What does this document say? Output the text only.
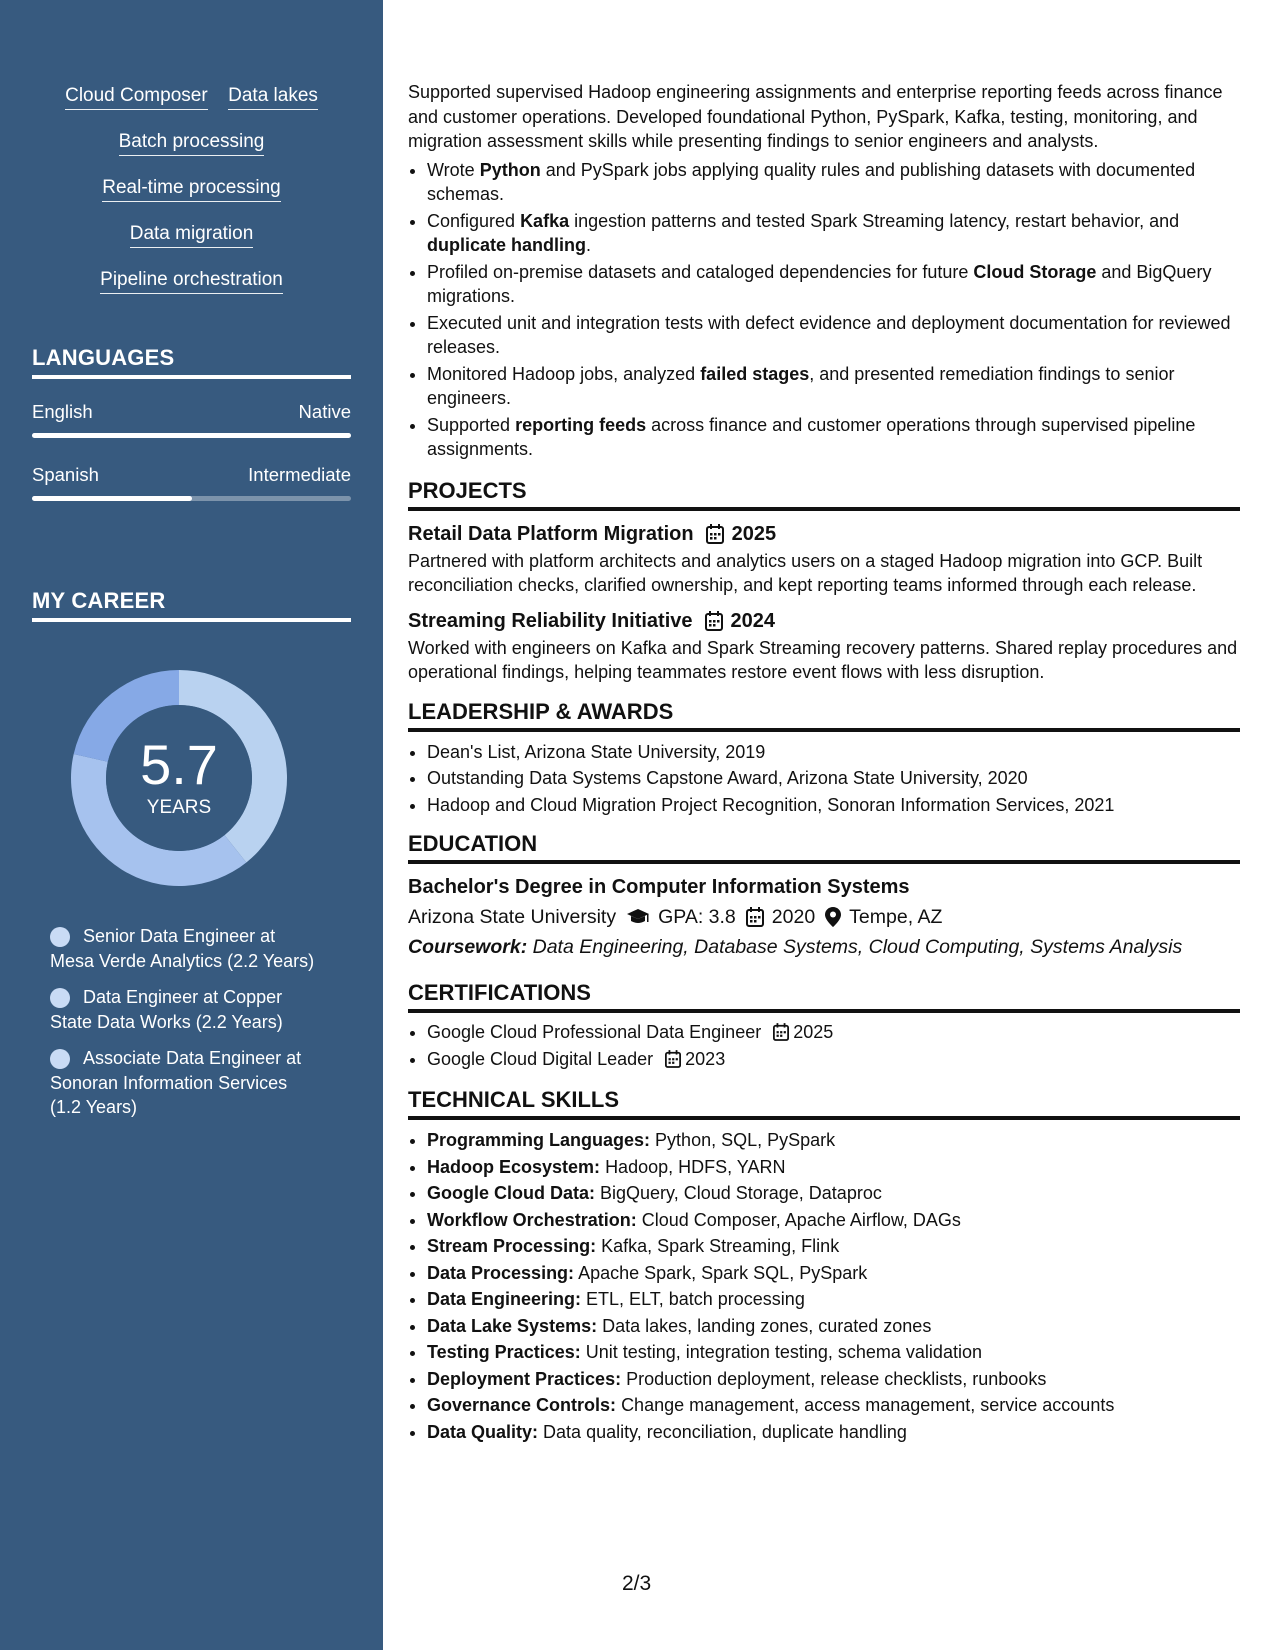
Cloud Composer Data lakes
Batch processing
Real-time processing
Data migration
Pipeline orchestration
LANGUAGES
English	Native
Spanish	Intermediate
MY CAREER
5.7
YEARS
Senior Data Engineer at Mesa Verde Analytics (2.2 Years)
Data Engineer at Copper State Data Works (2.2 Years)
Associate Data Engineer at Sonoran Information Services (1.2 Years)

Supported supervised Hadoop engineering assignments and enterprise reporting feeds across finance and customer operations. Developed foundational Python, PySpark, Kafka, testing, monitoring, and migration assessment skills while presenting findings to senior engineers and analysts.

• Wrote Python and PySpark jobs applying quality rules and publishing datasets with documented schemas.
• Configured Kafka ingestion patterns and tested Spark Streaming latency, restart behavior, and duplicate handling.
• Profiled on-premise datasets and cataloged dependencies for future Cloud Storage and BigQuery migrations.
• Executed unit and integration tests with defect evidence and deployment documentation for reviewed releases.
• Monitored Hadoop jobs, analyzed failed stages, and presented remediation findings to senior engineers.
• Supported reporting feeds across finance and customer operations through supervised pipeline assignments.
PROJECTS
Retail Data Platform Migration 2025

Partnered with platform architects and analytics users on a staged Hadoop migration into GCP. Built reconciliation checks, clarified ownership, and kept reporting teams informed through each release.

Streaming Reliability Initiative 2024

Worked with engineers on Kafka and Spark Streaming recovery patterns. Shared replay procedures and operational findings, helping teammates restore event flows with less disruption.

LEADERSHIP & AWARDS
• Dean's List, Arizona State University, 2019
• Outstanding Data Systems Capstone Award, Arizona State University, 2020
• Hadoop and Cloud Migration Project Recognition, Sonoran Information Services, 2021
EDUCATION
Bachelor's Degree in Computer Information Systems
Arizona State University GPA: 3.8 2020 Tempe, AZ
Coursework: Data Engineering, Database Systems, Cloud Computing, Systems Analysis
CERTIFICATIONS
• Google Cloud Professional Data Engineer 2025
• Google Cloud Digital Leader 2023
TECHNICAL SKILLS
• Programming Languages: Python, SQL, PySpark
• Hadoop Ecosystem: Hadoop, HDFS, YARN
• Google Cloud Data: BigQuery, Cloud Storage, Dataproc
• Workflow Orchestration: Cloud Composer, Apache Airflow, DAGs
• Stream Processing: Kafka, Spark Streaming, Flink
• Data Processing: Apache Spark, Spark SQL, PySpark
• Data Engineering: ETL, ELT, batch processing
• Data Lake Systems: Data lakes, landing zones, curated zones
• Testing Practices: Unit testing, integration testing, schema validation
• Deployment Practices: Production deployment, release checklists, runbooks
• Governance Controls: Change management, access management, service accounts
• Data Quality: Data quality, reconciliation, duplicate handling
2/3
